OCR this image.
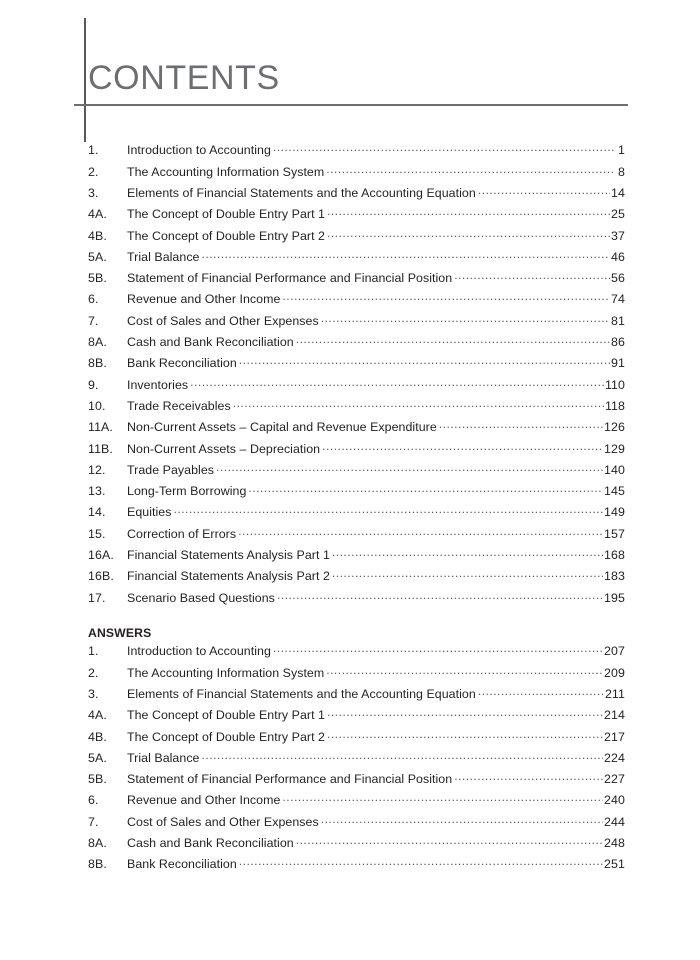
CONTENTS
1.	Introduction to Accounting .....	1
2.	The Accounting Information System .....	8
3.	Elements of Financial Statements and the Accounting Equation .....	14
4A.	The Concept of Double Entry Part 1 .....	25
4B.	The Concept of Double Entry Part 2 .....	37
5A.	Trial Balance .....	46
5B.	Statement of Financial Performance and Financial Position .....	56
6.	Revenue and Other Income .....	74
7.	Cost of Sales and Other Expenses .....	81
8A.	Cash and Bank Reconciliation .....	86
8B.	Bank Reconciliation .....	91
9.	Inventories .....	110
10.	Trade Receivables .....	118
11A.	Non-Current Assets – Capital and Revenue Expenditure .....	126
11B.	Non-Current Assets – Depreciation .....	129
12.	Trade Payables .....	140
13.	Long-Term Borrowing .....	145
14.	Equities .....	149
15.	Correction of Errors .....	157
16A.	Financial Statements Analysis Part 1 .....	168
16B.	Financial Statements Analysis Part 2 .....	183
17.	Scenario Based Questions .....	195
ANSWERS
1.	Introduction to Accounting .....	207
2.	The Accounting Information System .....	209
3.	Elements of Financial Statements and the Accounting Equation .....	211
4A.	The Concept of Double Entry Part 1 .....	214
4B.	The Concept of Double Entry Part 2 .....	217
5A.	Trial Balance .....	224
5B.	Statement of Financial Performance and Financial Position .....	227
6.	Revenue and Other Income .....	240
7.	Cost of Sales and Other Expenses .....	244
8A.	Cash and Bank Reconciliation .....	248
8B.	Bank Reconciliation .....	251
